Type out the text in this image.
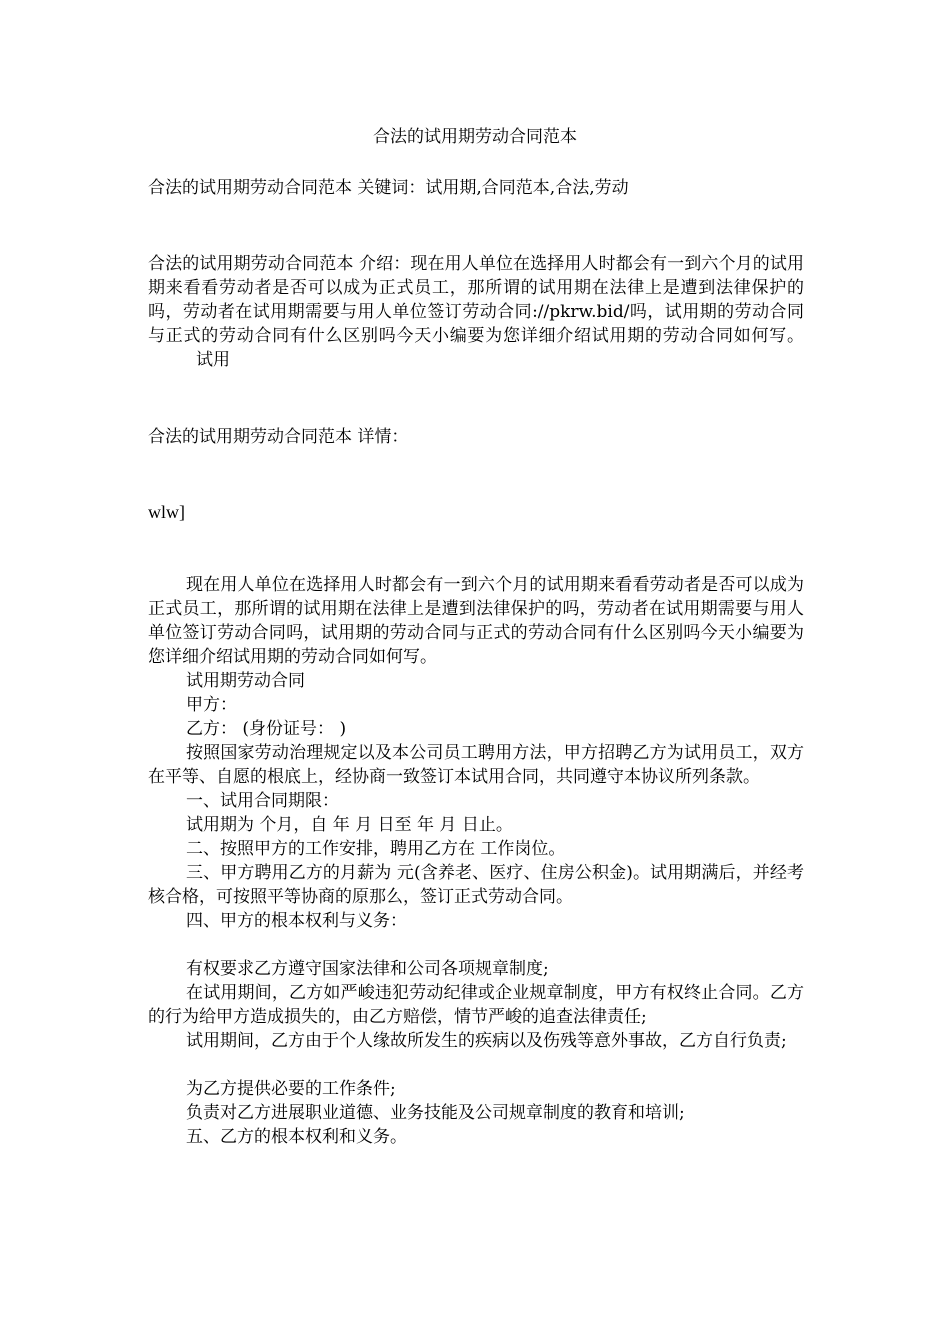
合法的试用期劳动合同范本
合法的试用期劳动合同范本 关键词：试用期,合同范本,合法,劳动
合法的试用期劳动合同范本 介绍：现在用人单位在选择用人时都会有一到六个月的试用期来看看劳动者是否可以成为正式员工，那所谓的试用期在法律上是遭到法律保护的吗，劳动者在试用期需要与用人单位签订劳动合同://pkrw.bid/吗，试用期的劳动合同与正式的劳动合同有什么区别吗今天小编要为您详细介绍试用期的劳动合同如何写。试用
合法的试用期劳动合同范本 详情：
wlw]

现在用人单位在选择用人时都会有一到六个月的试用期来看看劳动者是否可以成为正式员工，那所谓的试用期在法律上是遭到法律保护的吗，劳动者在试用期需要与用人单位签订劳动合同吗，试用期的劳动合同与正式的劳动合同有什么区别吗今天小编要为您详细介绍试用期的劳动合同如何写。

试用期劳动合同

甲方：

乙方： (身份证号： )

按照国家劳动治理规定以及本公司员工聘用方法，甲方招聘乙方为试用员工，双方在平等、自愿的根底上，经协商一致签订本试用合同，共同遵守本协议所列条款。

一、试用合同期限：

试用期为 个月，自 年 月 日至 年 月 日止。

二、按照甲方的工作安排，聘用乙方在 工作岗位。

三、甲方聘用乙方的月薪为 元(含养老、医疗、住房公积金)。试用期满后，并经考核合格，可按照平等协商的原那么，签订正式劳动合同。

四、甲方的根本权利与义务：

有权要求乙方遵守国家法律和公司各项规章制度;

在试用期间，乙方如严峻违犯劳动纪律或企业规章制度，甲方有权终止合同。乙方的行为给甲方造成损失的，由乙方赔偿，情节严峻的追查法律责任;

试用期间，乙方由于个人缘故所发生的疾病以及伤残等意外事故，乙方自行负责;

为乙方提供必要的工作条件;

负责对乙方进展职业道德、业务技能及公司规章制度的教育和培训;

五、乙方的根本权利和义务。
